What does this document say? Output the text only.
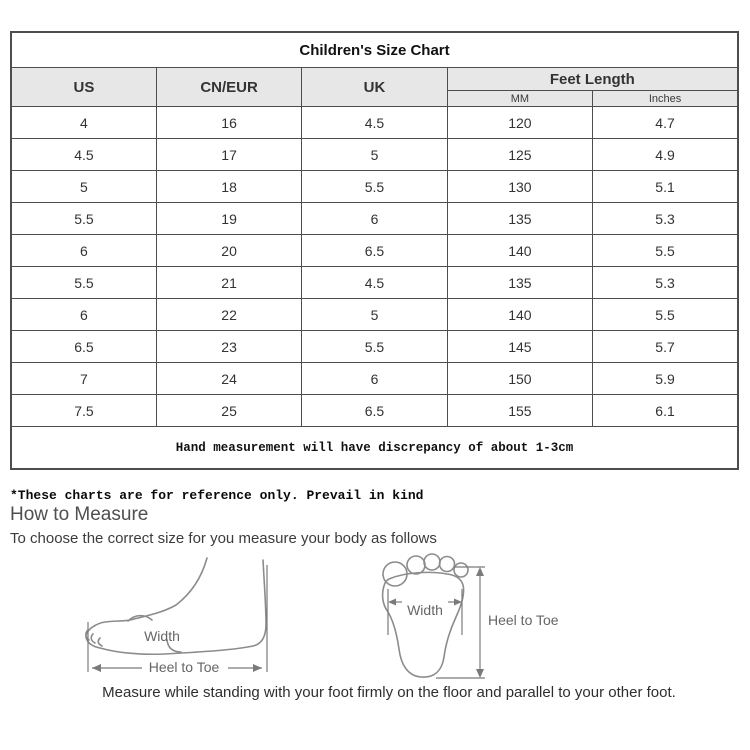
Children's Size Chart				
US	CN/EUR	UK	Feet Length	
			MM	Inches
4	16	4.5	120	4.7
4.5	17	5	125	4.9
5	18	5.5	130	5.1
5.5	19	6	135	5.3
6	20	6.5	140	5.5
5.5	21	4.5	135	5.3
6	22	5	140	5.5
6.5	23	5.5	145	5.7
7	24	6	150	5.9
7.5	25	6.5	155	6.1
Hand measurement will have discrepancy of about 1-3cm				
*These charts are for reference only. Prevail in kind
How to Measure
To choose the correct size for you measure your body as follows
Width
Heel to Toe
Width
Heel to Toe
Measure while standing with your foot firmly on the floor and parallel to your other foot.
